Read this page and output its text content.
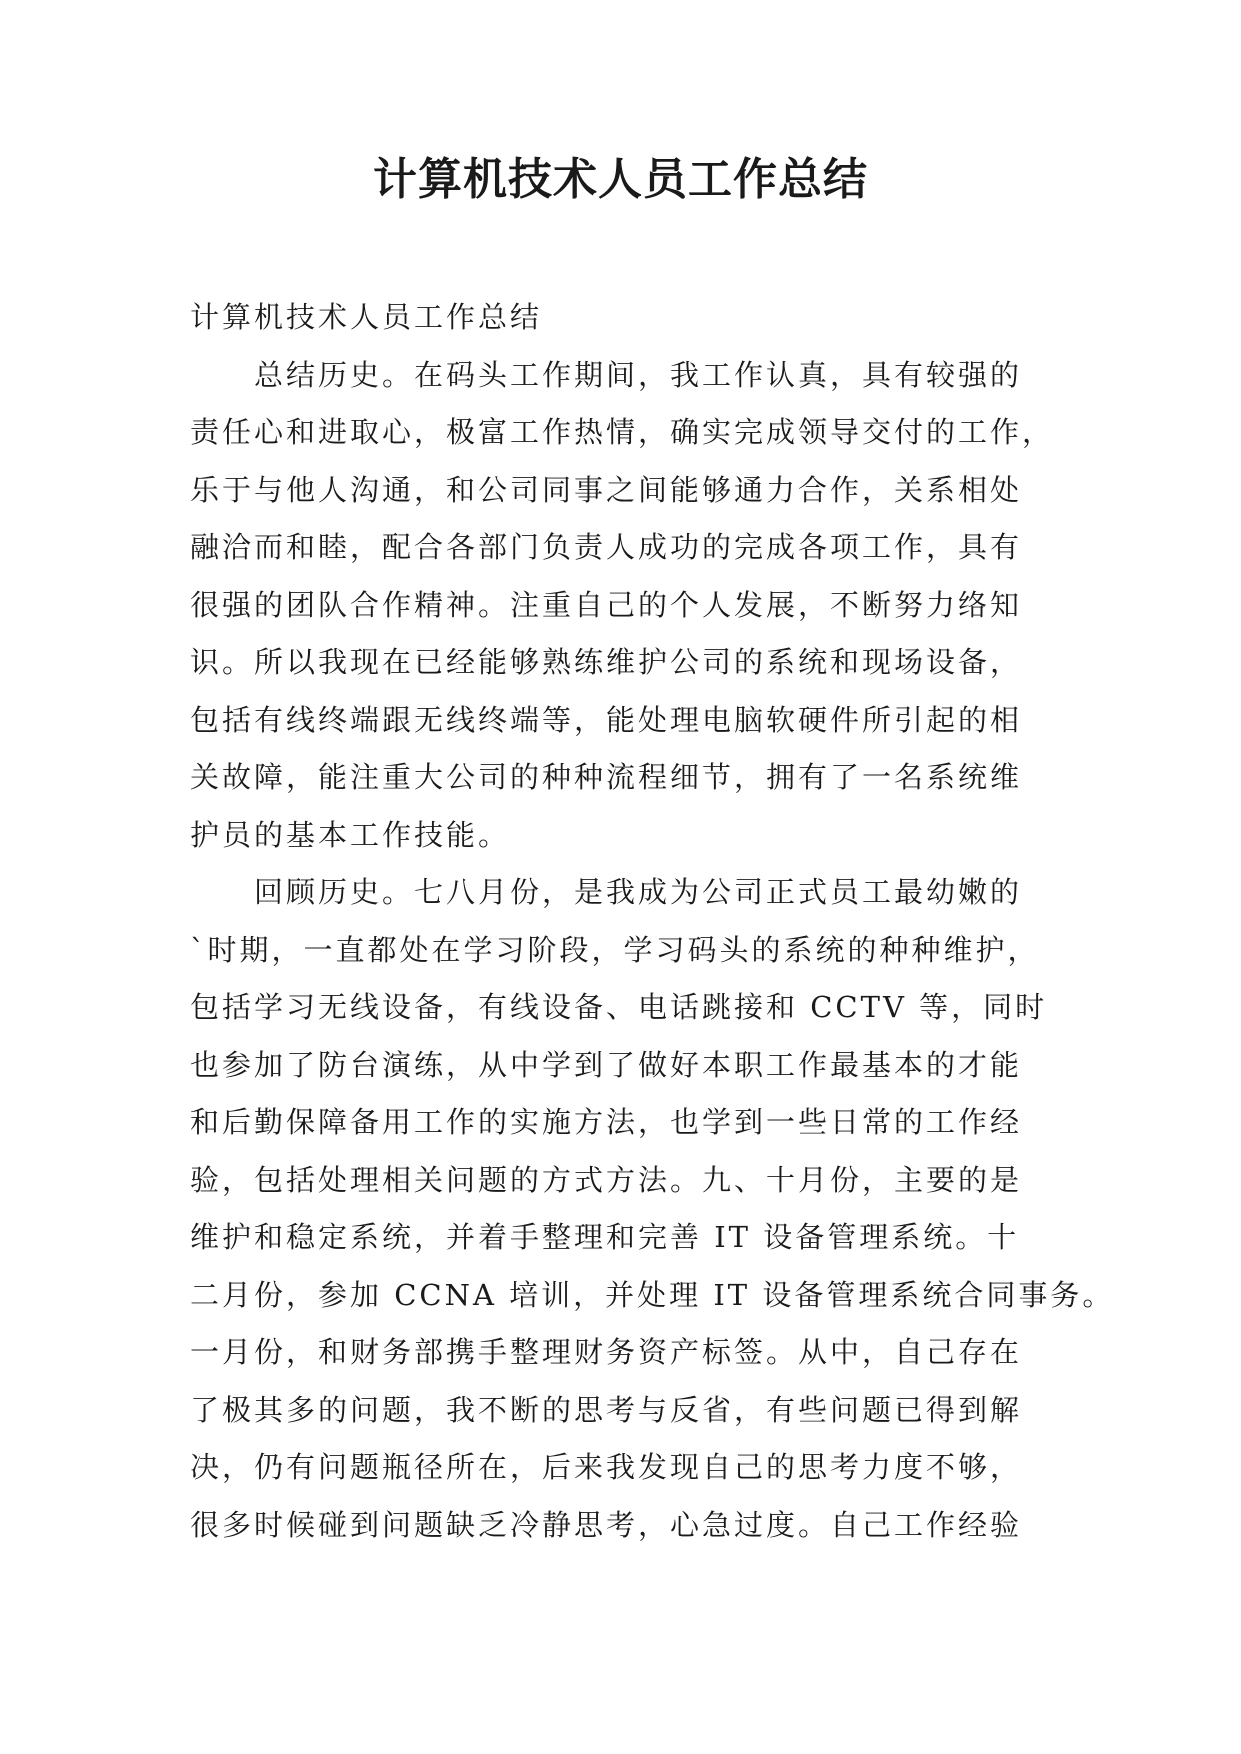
计算机技术人员工作总结
计算机技术人员工作总结
　　总结历史。在码头工作期间，我工作认真，具有较强的
责任心和进取心，极富工作热情，确实完成领导交付的工作，
乐于与他人沟通，和公司同事之间能够通力合作，关系相处
融洽而和睦，配合各部门负责人成功的完成各项工作，具有
很强的团队合作精神。注重自己的个人发展，不断努力络知
识。所以我现在已经能够熟练维护公司的系统和现场设备，
包括有线终端跟无线终端等，能处理电脑软硬件所引起的相
关故障，能注重大公司的种种流程细节，拥有了一名系统维
护员的基本工作技能。
　　回顾历史。七八月份，是我成为公司正式员工最幼嫩的
`时期，一直都处在学习阶段，学习码头的系统的种种维护，
包括学习无线设备，有线设备、电话跳接和 CCTV 等，同时
也参加了防台演练，从中学到了做好本职工作最基本的才能
和后勤保障备用工作的实施方法，也学到一些日常的工作经
验，包括处理相关问题的方式方法。九、十月份，主要的是
维护和稳定系统，并着手整理和完善 IT 设备管理系统。十
二月份，参加 CCNA 培训，并处理 IT 设备管理系统合同事务。
一月份，和财务部携手整理财务资产标签。从中，自己存在
了极其多的问题，我不断的思考与反省，有些问题已得到解
决，仍有问题瓶径所在，后来我发现自己的思考力度不够，
很多时候碰到问题缺乏冷静思考，心急过度。自己工作经验
